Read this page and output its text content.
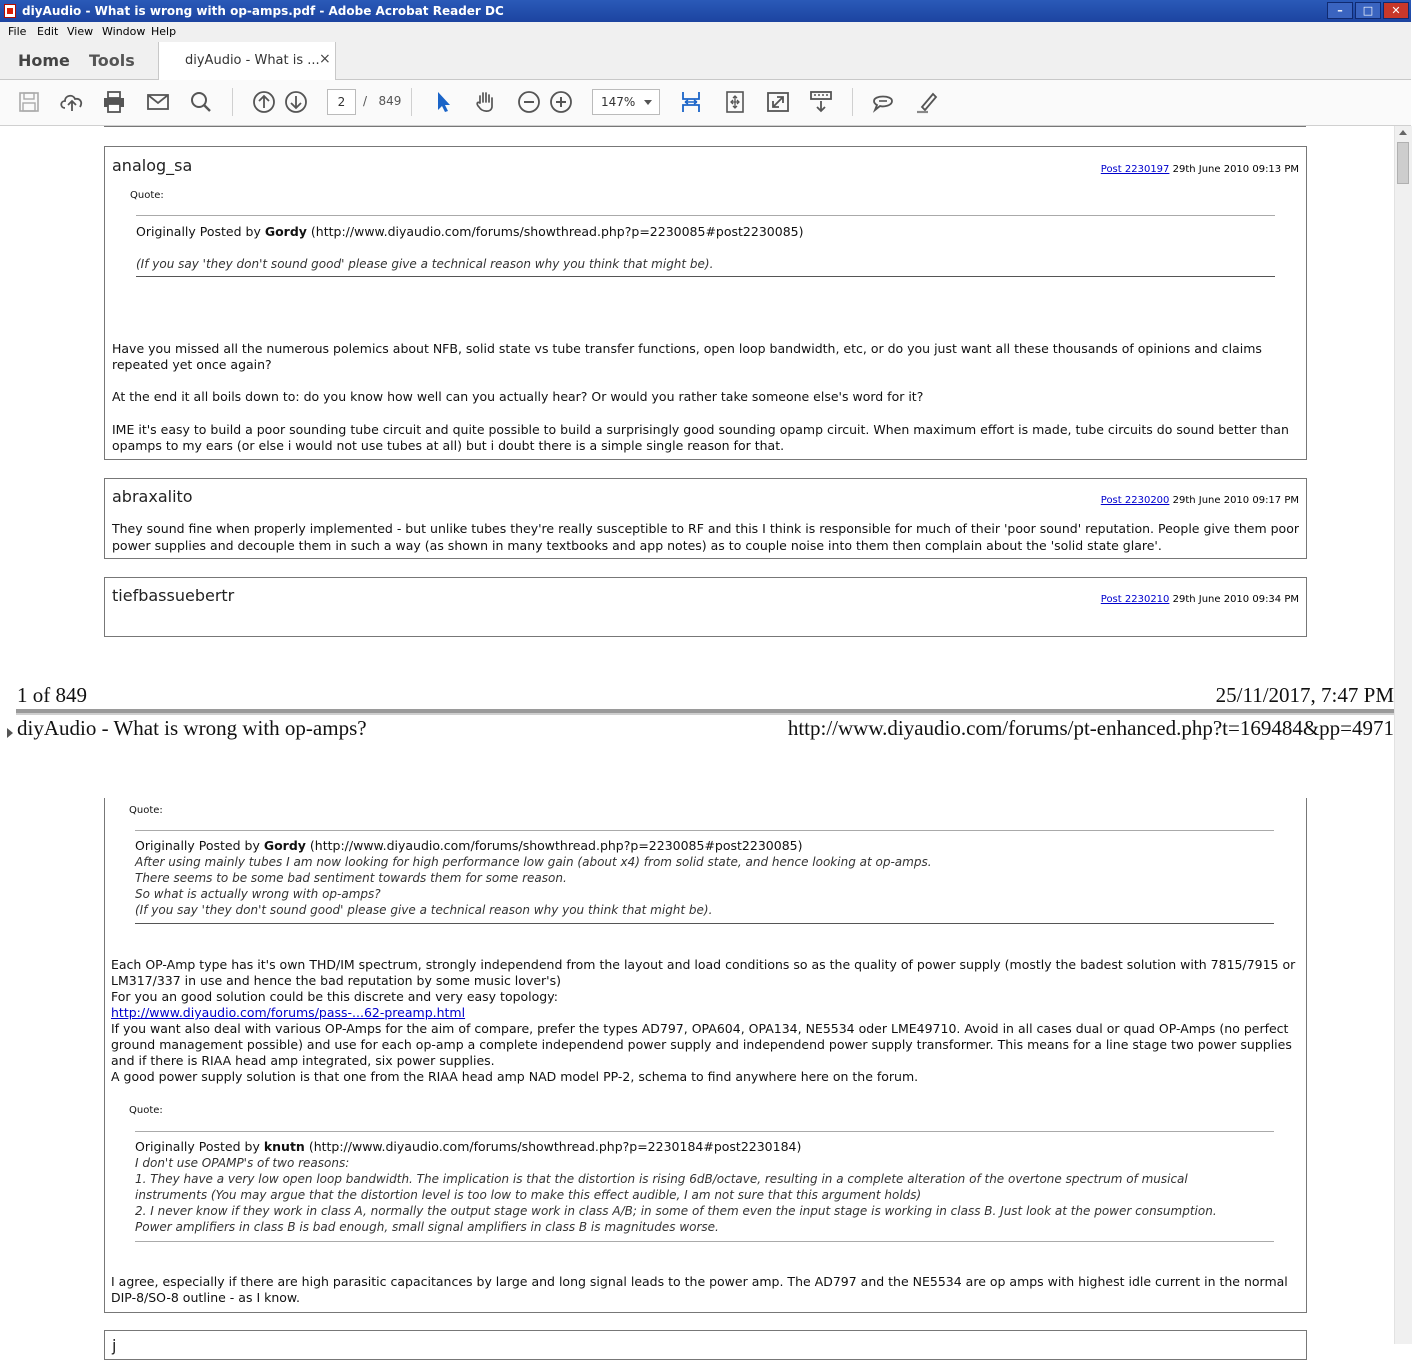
diyAudio - What is wrong with op-amps.pdf - Adobe Acrobat Reader DC	–	□	✕
File Edit View Window Help
Home Tools	diyAudio - What is ... ×
2	/ 849	147%
analog_sa	Post 2230197 29th June 2010 09:13 PM
Quote:
Originally Posted by Gordy (http://www.diyaudio.com/forums/showthread.php?p=2230085#post2230085)
(If you say 'they don't sound good' please give a technical reason why you think that might be).
Have you missed all the numerous polemics about NFB, solid state vs tube transfer functions, open loop bandwidth, etc, or do you just want all these thousands of opinions and claims
repeated yet once again?
At the end it all boils down to: do you know how well can you actually hear? Or would you rather take someone else's word for it?
IME it's easy to build a poor sounding tube circuit and quite possible to build a surprisingly good sounding opamp circuit. When maximum effort is made, tube circuits do sound better than
opamps to my ears (or else i would not use tubes at all) but i doubt there is a simple single reason for that.
abraxalito	Post 2230200 29th June 2010 09:17 PM
They sound fine when properly implemented - but unlike tubes they're really susceptible to RF and this I think is responsible for much of their 'poor sound' reputation. People give them poor
power supplies and decouple them in such a way (as shown in many textbooks and app notes) as to couple noise into them then complain about the 'solid state glare'.
tiefbassuebertr	Post 2230210 29th June 2010 09:34 PM
1 of 849	25/11/2017, 7:47 PM
diyAudio - What is wrong with op-amps?	http://www.diyaudio.com/forums/pt-enhanced.php?t=169484&pp=4971
Quote:
Originally Posted by Gordy (http://www.diyaudio.com/forums/showthread.php?p=2230085#post2230085)
After using mainly tubes I am now looking for high performance low gain (about x4) from solid state, and hence looking at op-amps.
There seems to be some bad sentiment towards them for some reason.
So what is actually wrong with op-amps?
(If you say 'they don't sound good' please give a technical reason why you think that might be).
Each OP-Amp type has it's own THD/IM spectrum, strongly independend from the layout and load conditions so as the quality of power supply (mostly the badest solution with 7815/7915 or
LM317/337 in use and hence the bad reputation by some music lover's)
For you an good solution could be this discrete and very easy topology:
http://www.diyaudio.com/forums/pass-...62-preamp.html
If you want also deal with various OP-Amps for the aim of compare, prefer the types AD797, OPA604, OPA134, NE5534 oder LME49710. Avoid in all cases dual or quad OP-Amps (no perfect
ground management possible) and use for each op-amp a complete independend power supply and independend power supply transformer. This means for a line stage two power supplies
and if there is RIAA head amp integrated, six power supplies.
A good power supply solution is that one from the RIAA head amp NAD model PP-2, schema to find anywhere here on the forum.
Quote:
Originally Posted by knutn (http://www.diyaudio.com/forums/showthread.php?p=2230184#post2230184)
I don't use OPAMP's of two reasons:
1. They have a very low open loop bandwidth. The implication is that the distortion is rising 6dB/octave, resulting in a complete alteration of the overtone spectrum of musical
instruments (You may argue that the distortion level is too low to make this effect audible, I am not sure that this argument holds)
2. I never know if they work in class A, normally the output stage work in class A/B; in some of them even the input stage is working in class B. Just look at the power consumption.
Power amplifiers in class B is bad enough, small signal amplifiers in class B is magnitudes worse.
I agree, especially if there are high parasitic capacitances by large and long signal leads to the power amp. The AD797 and the NE5534 are op amps with highest idle current in the normal
DIP-8/SO-8 outline - as I know.
j
